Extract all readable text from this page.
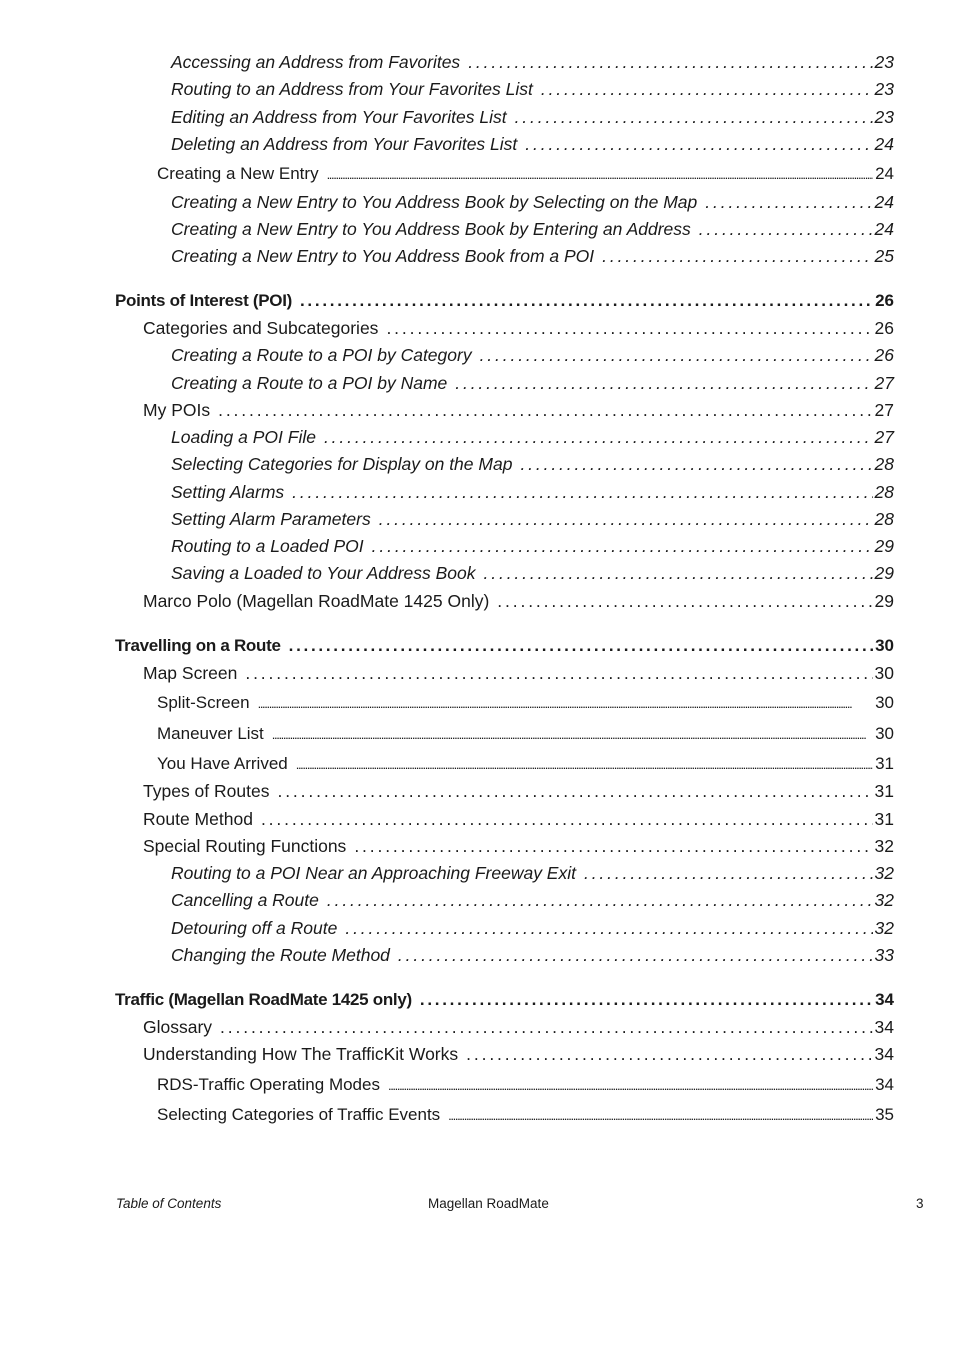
Accessing an Address from Favorites . . .	23
Routing to an Address from Your Favorites List . . .	23
Editing an Address from Your Favorites List . . .	23
Deleting an Address from Your Favorites List . . .	24
Creating a New Entry . . .	24
Creating a New Entry to You Address Book by Selecting on the Map . . .	24
Creating a New Entry to You Address Book by Entering an Address . . .	24
Creating a New Entry to You Address Book from a POI . . .	25
Points of Interest (POI) . . .	26
Categories and Subcategories . . .	26
Creating a Route to a POI by Category . . .	26
Creating a Route to a POI by Name . . .	27
My POIs . . .	27
Loading a POI File . . .	27
Selecting Categories for Display on the Map . . .	28
Setting Alarms . . .	28
Setting Alarm Parameters . . .	28
Routing to a Loaded POI . . .	29
Saving a Loaded to Your Address Book . . .	29
Marco Polo (Magellan RoadMate 1425 Only) . . .	29
Travelling on a Route . . .	30
Map Screen . . .	30
Split-Screen . . .	30
Maneuver List . . .	30
You Have Arrived . . .	31
Types of Routes . . .	31
Route Method . . .	31
Special Routing Functions . . .	32
Routing to a POI Near an Approaching Freeway Exit . . .	32
Cancelling a Route . . .	32
Detouring off a Route . . .	32
Changing the Route Method . . .	33
Traffic (Magellan RoadMate 1425 only) . . .	34
Glossary . . .	34
Understanding How The TrafficKit Works . . .	34
RDS-Traffic Operating Modes . . .	34
Selecting Categories of Traffic Events . . .	35
Table of Contents	Magellan RoadMate	3
